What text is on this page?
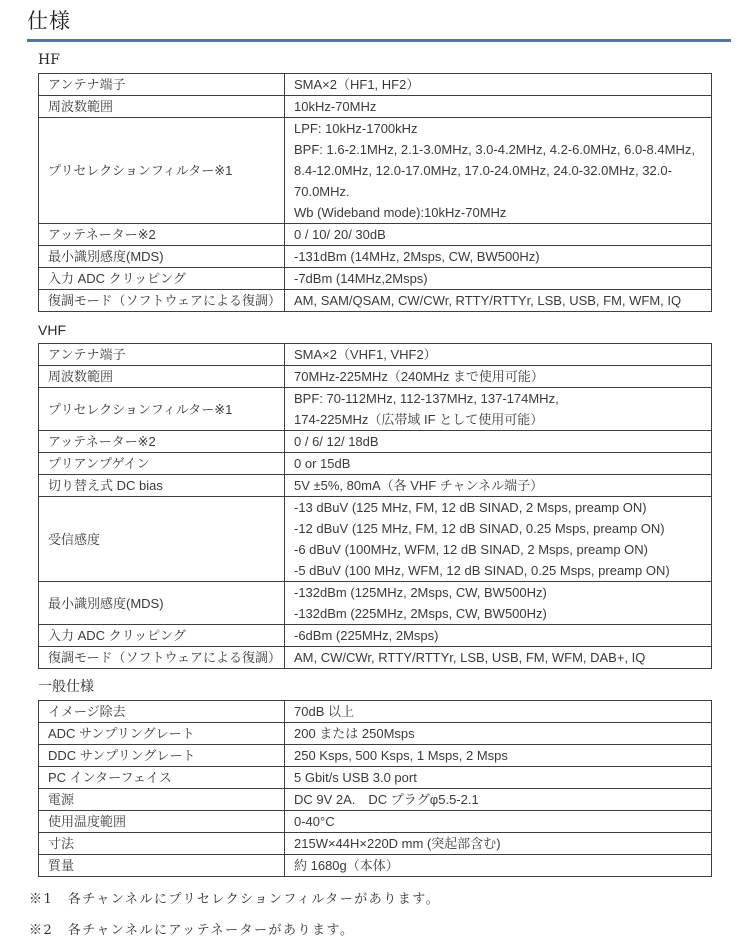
仕様
HF
アンテナ端子	SMA×2（HF1, HF2）

周波数範囲	10kHz-70MHz

プリセレクションフィルター※1	LPF: 10kHz-1700kHz
BPF: 1.6-2.1MHz, 2.1-3.0MHz, 3.0-4.2MHz, 4.2-6.0MHz, 6.0-8.4MHz, 8.4-12.0MHz, 12.0-17.0MHz, 17.0-24.0MHz, 24.0-32.0MHz, 32.0-70.0MHz.
Wb (Wideband mode):10kHz-70MHz

アッテネーター※2	0 / 10/ 20/ 30dB

最小識別感度(MDS)	-131dBm (14MHz, 2Msps, CW, BW500Hz)

入力 ADC クリッピング	-7dBm (14MHz,2Msps)

復調モード（ソフトウェアによる復調）	AM, SAM/QSAM, CW/CWr, RTTY/RTTYr, LSB, USB, FM, WFM, IQ
VHF
アンテナ端子	SMA×2（VHF1, VHF2）

周波数範囲	70MHz-225MHz（240MHz まで使用可能）

プリセレクションフィルター※1	BPF: 70-112MHz, 112-137MHz, 137-174MHz,
174-225MHz（広帯域 IF として使用可能）

アッテネーター※2	0 / 6/ 12/ 18dB

プリアンプゲイン	0 or 15dB

切り替え式 DC bias	5V ±5%, 80mA（各 VHF チャンネル端子）

受信感度	-13 dBuV (125 MHz, FM, 12 dB SINAD, 2 Msps, preamp ON)
-12 dBuV (125 MHz, FM, 12 dB SINAD, 0.25 Msps, preamp ON)
-6 dBuV (100MHz, WFM, 12 dB SINAD, 2 Msps, preamp ON)
-5 dBuV (100 MHz, WFM, 12 dB SINAD, 0.25 Msps, preamp ON)

最小識別感度(MDS)	-132dBm (125MHz, 2Msps, CW, BW500Hz)
-132dBm (225MHz, 2Msps, CW, BW500Hz)

入力 ADC クリッピング	-6dBm (225MHz, 2Msps)

復調モード（ソフトウェアによる復調）	AM, CW/CWr, RTTY/RTTYr, LSB, USB, FM, WFM, DAB+, IQ
一般仕様
イメージ除去	70dB 以上

ADC サンプリングレート	200 または 250Msps

DDC サンプリングレート	250 Ksps, 500 Ksps, 1 Msps, 2 Msps

PC インターフェイス	5 Gbit/s USB 3.0 port

電源	DC 9V 2A.　DC プラグφ5.5-2.1

使用温度範囲	0-40°C

寸法	215W×44H×220D mm (突起部含む)

質量	約 1680g（本体）
※1　各チャンネルにプリセレクションフィルターがあります。
※2　各チャンネルにアッテネーターがあります。
